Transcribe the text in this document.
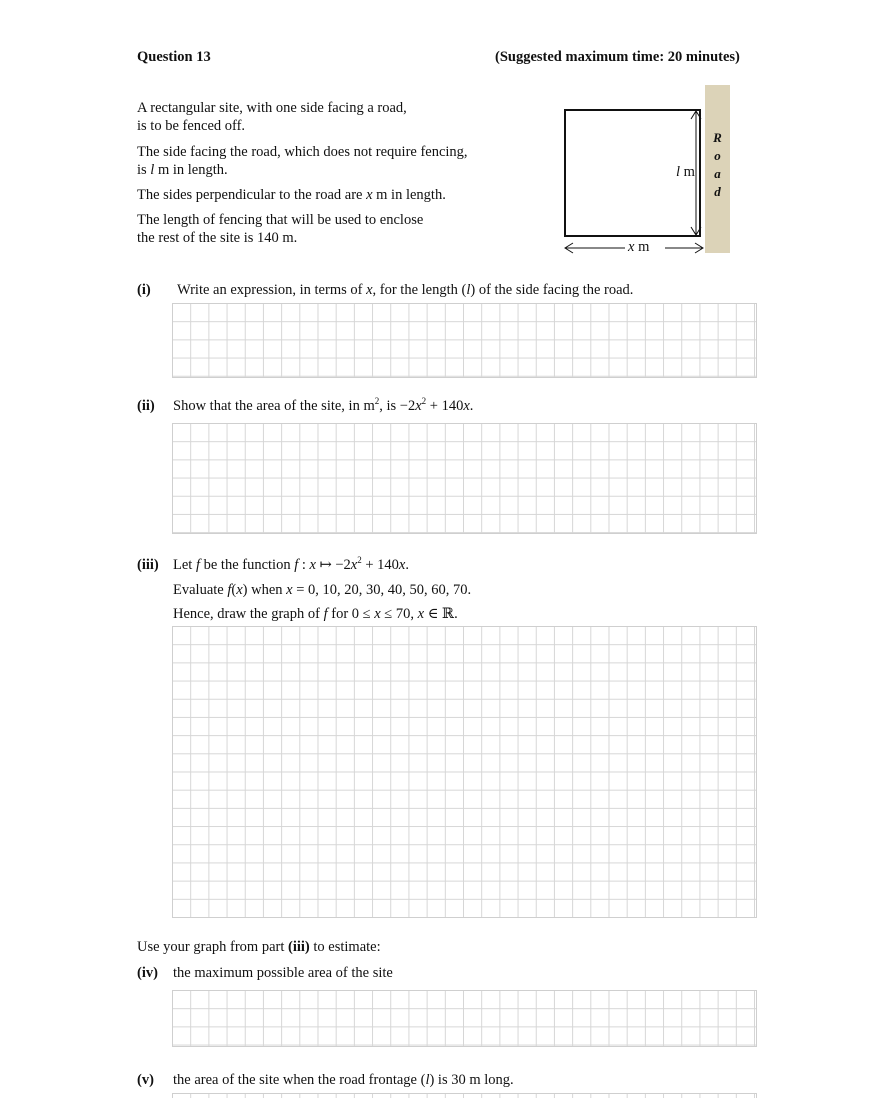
Question 13	(Suggested maximum time: 20 minutes)
A rectangular site, with one side facing a road,
is to be fenced off.
The side facing the road, which does not require fencing,
is l m in length.
The sides perpendicular to the road are x m in length.
The length of fencing that will be used to enclose
the rest of the site is 140 m.
l m
x m
R
o
a
d
(i) Write an expression, in terms of x, for the length (l) of the side facing the road.
(ii) Show that the area of the site, in $m^2$, is $-2x^2 + 140x$.
(iii) Let f be the function f : x ↦ $-2x^2 + 140x$.
Evaluate f(x) when x = 0, 10, 20, 30, 40, 50, 60, 70.
Hence, draw the graph of f for 0 ≤ x ≤ 70, x ∈ ℝ.
Use your graph from part (iii) to estimate:
(iv) the maximum possible area of the site
(v) the area of the site when the road frontage (l) is 30 m long.
